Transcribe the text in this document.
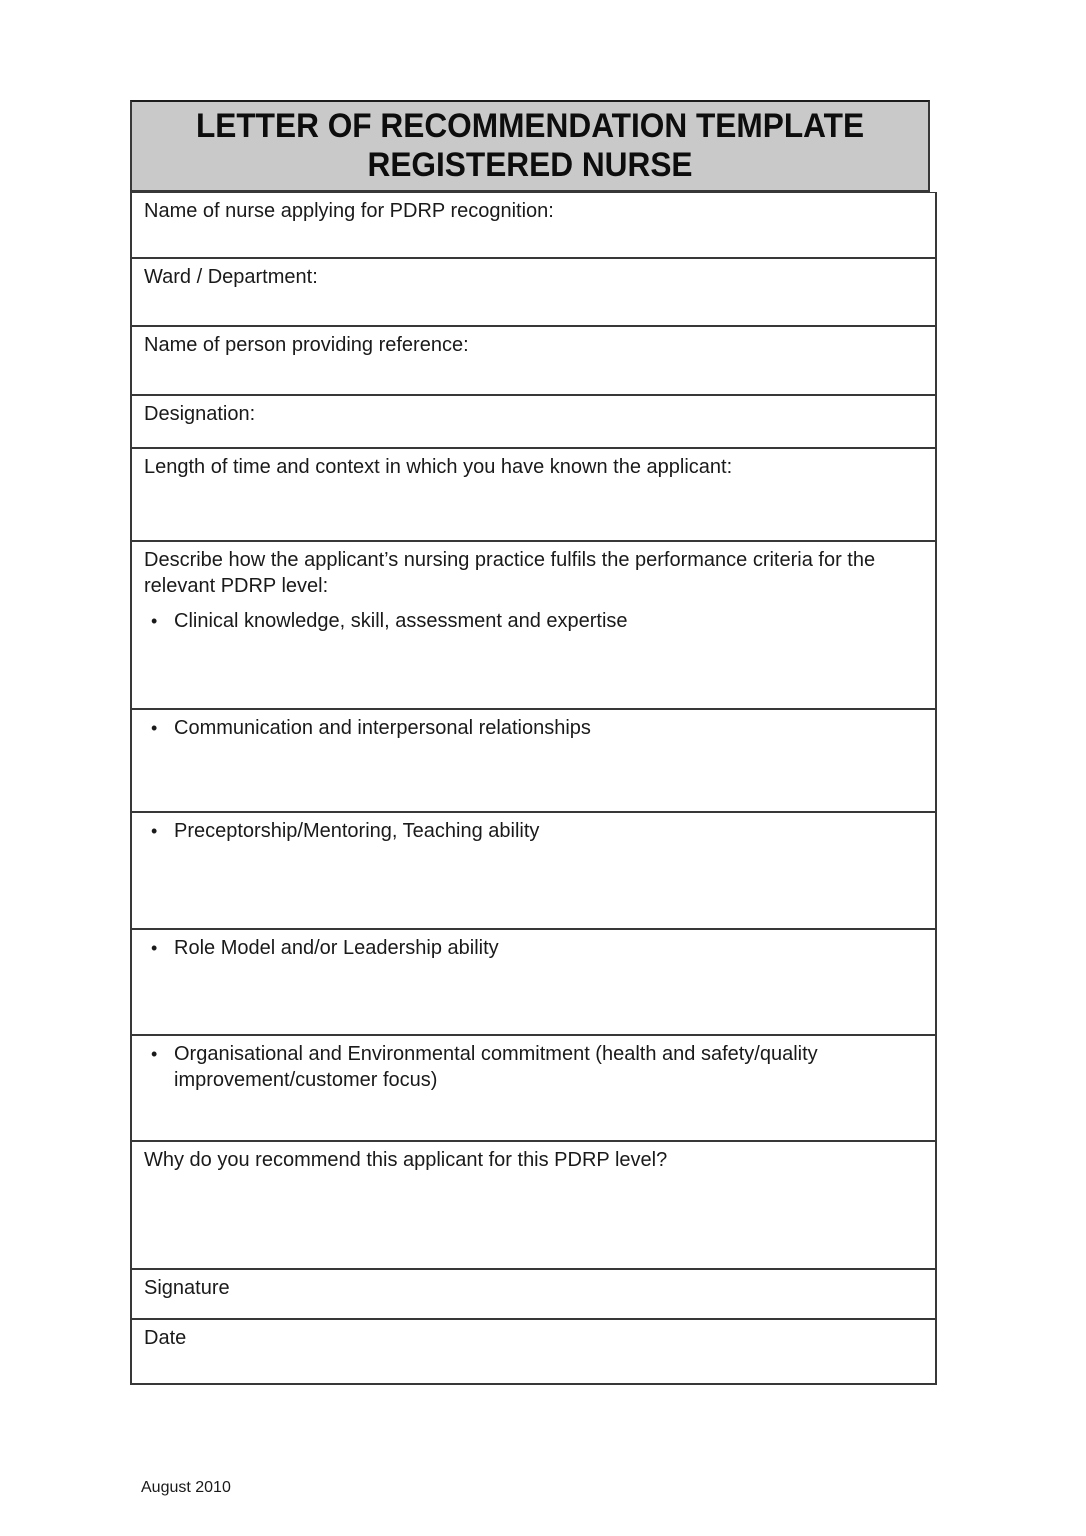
LETTER OF RECOMMENDATION TEMPLATE
REGISTERED NURSE
Name of nurse applying for PDRP recognition:
Ward / Department:
Name of person providing reference:
Designation:
Length of time and context in which you have known the applicant:
Describe how the applicant’s nursing practice fulfils the performance criteria for the relevant PDRP level:
• Clinical knowledge, skill, assessment and expertise
• Communication and interpersonal relationships
• Preceptorship/Mentoring, Teaching ability
• Role Model and/or Leadership ability
• Organisational and Environmental commitment (health and safety/quality improvement/customer focus)
Why do you recommend this applicant for this PDRP level?
Signature
Date
August 2010
